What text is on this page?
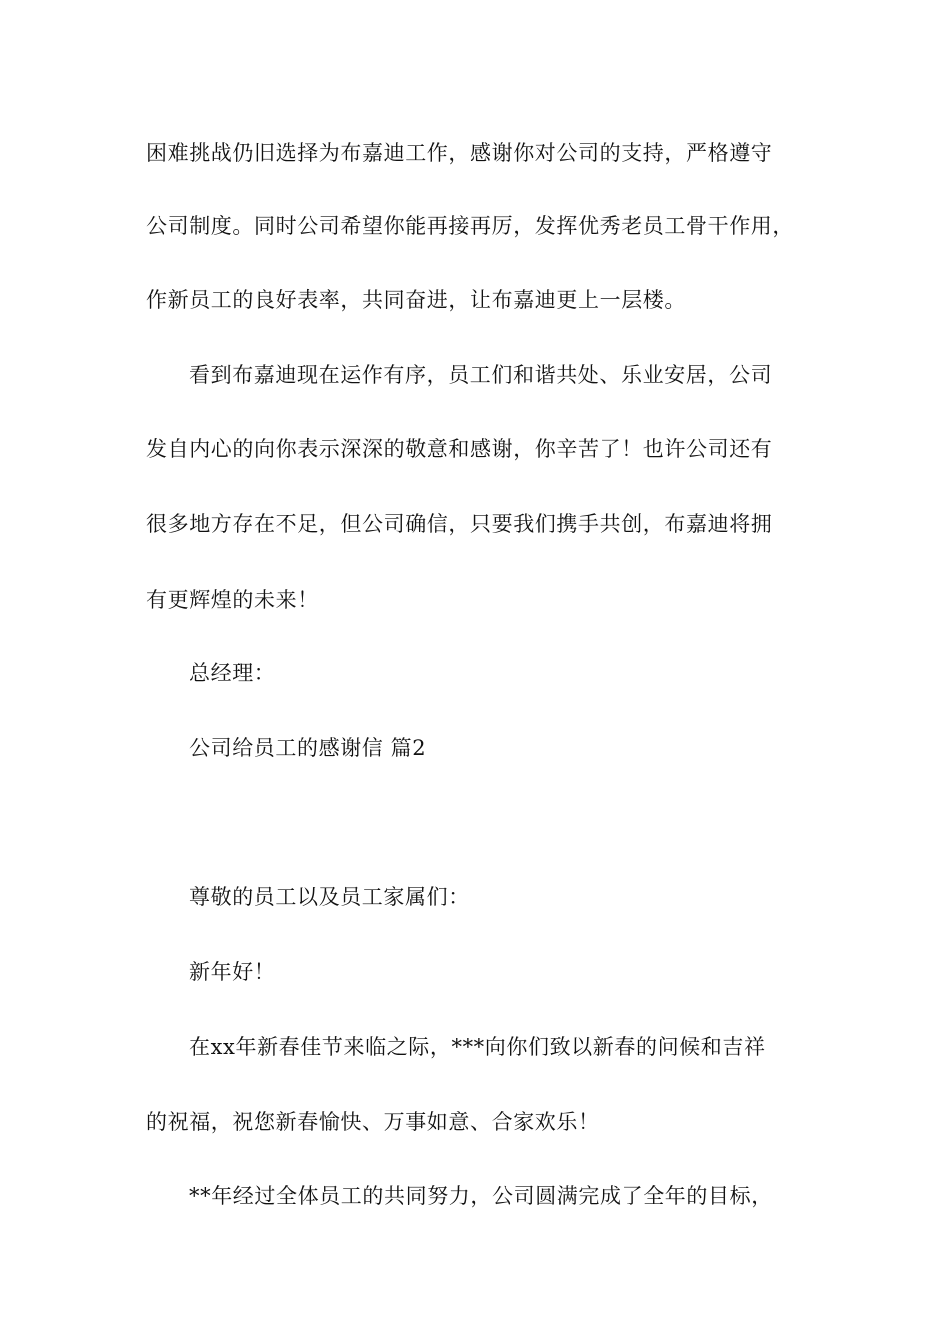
困难挑战仍旧选择为布嘉迪工作，感谢你对公司的支持，严格遵守
公司制度。同时公司希望你能再接再厉，发挥优秀老员工骨干作用，
作新员工的良好表率，共同奋进，让布嘉迪更上一层楼。
看到布嘉迪现在运作有序，员工们和谐共处、乐业安居，公司
发自内心的向你表示深深的敬意和感谢，你辛苦了！也许公司还有
很多地方存在不足，但公司确信，只要我们携手共创，布嘉迪将拥
有更辉煌的未来！
总经理：
公司给员工的感谢信 篇2
尊敬的员工以及员工家属们：
新年好！
在xx年新春佳节来临之际，***向你们致以新春的问候和吉祥
的祝福，祝您新春愉快、万事如意、合家欢乐！
**年经过全体员工的共同努力，公司圆满完成了全年的目标，
